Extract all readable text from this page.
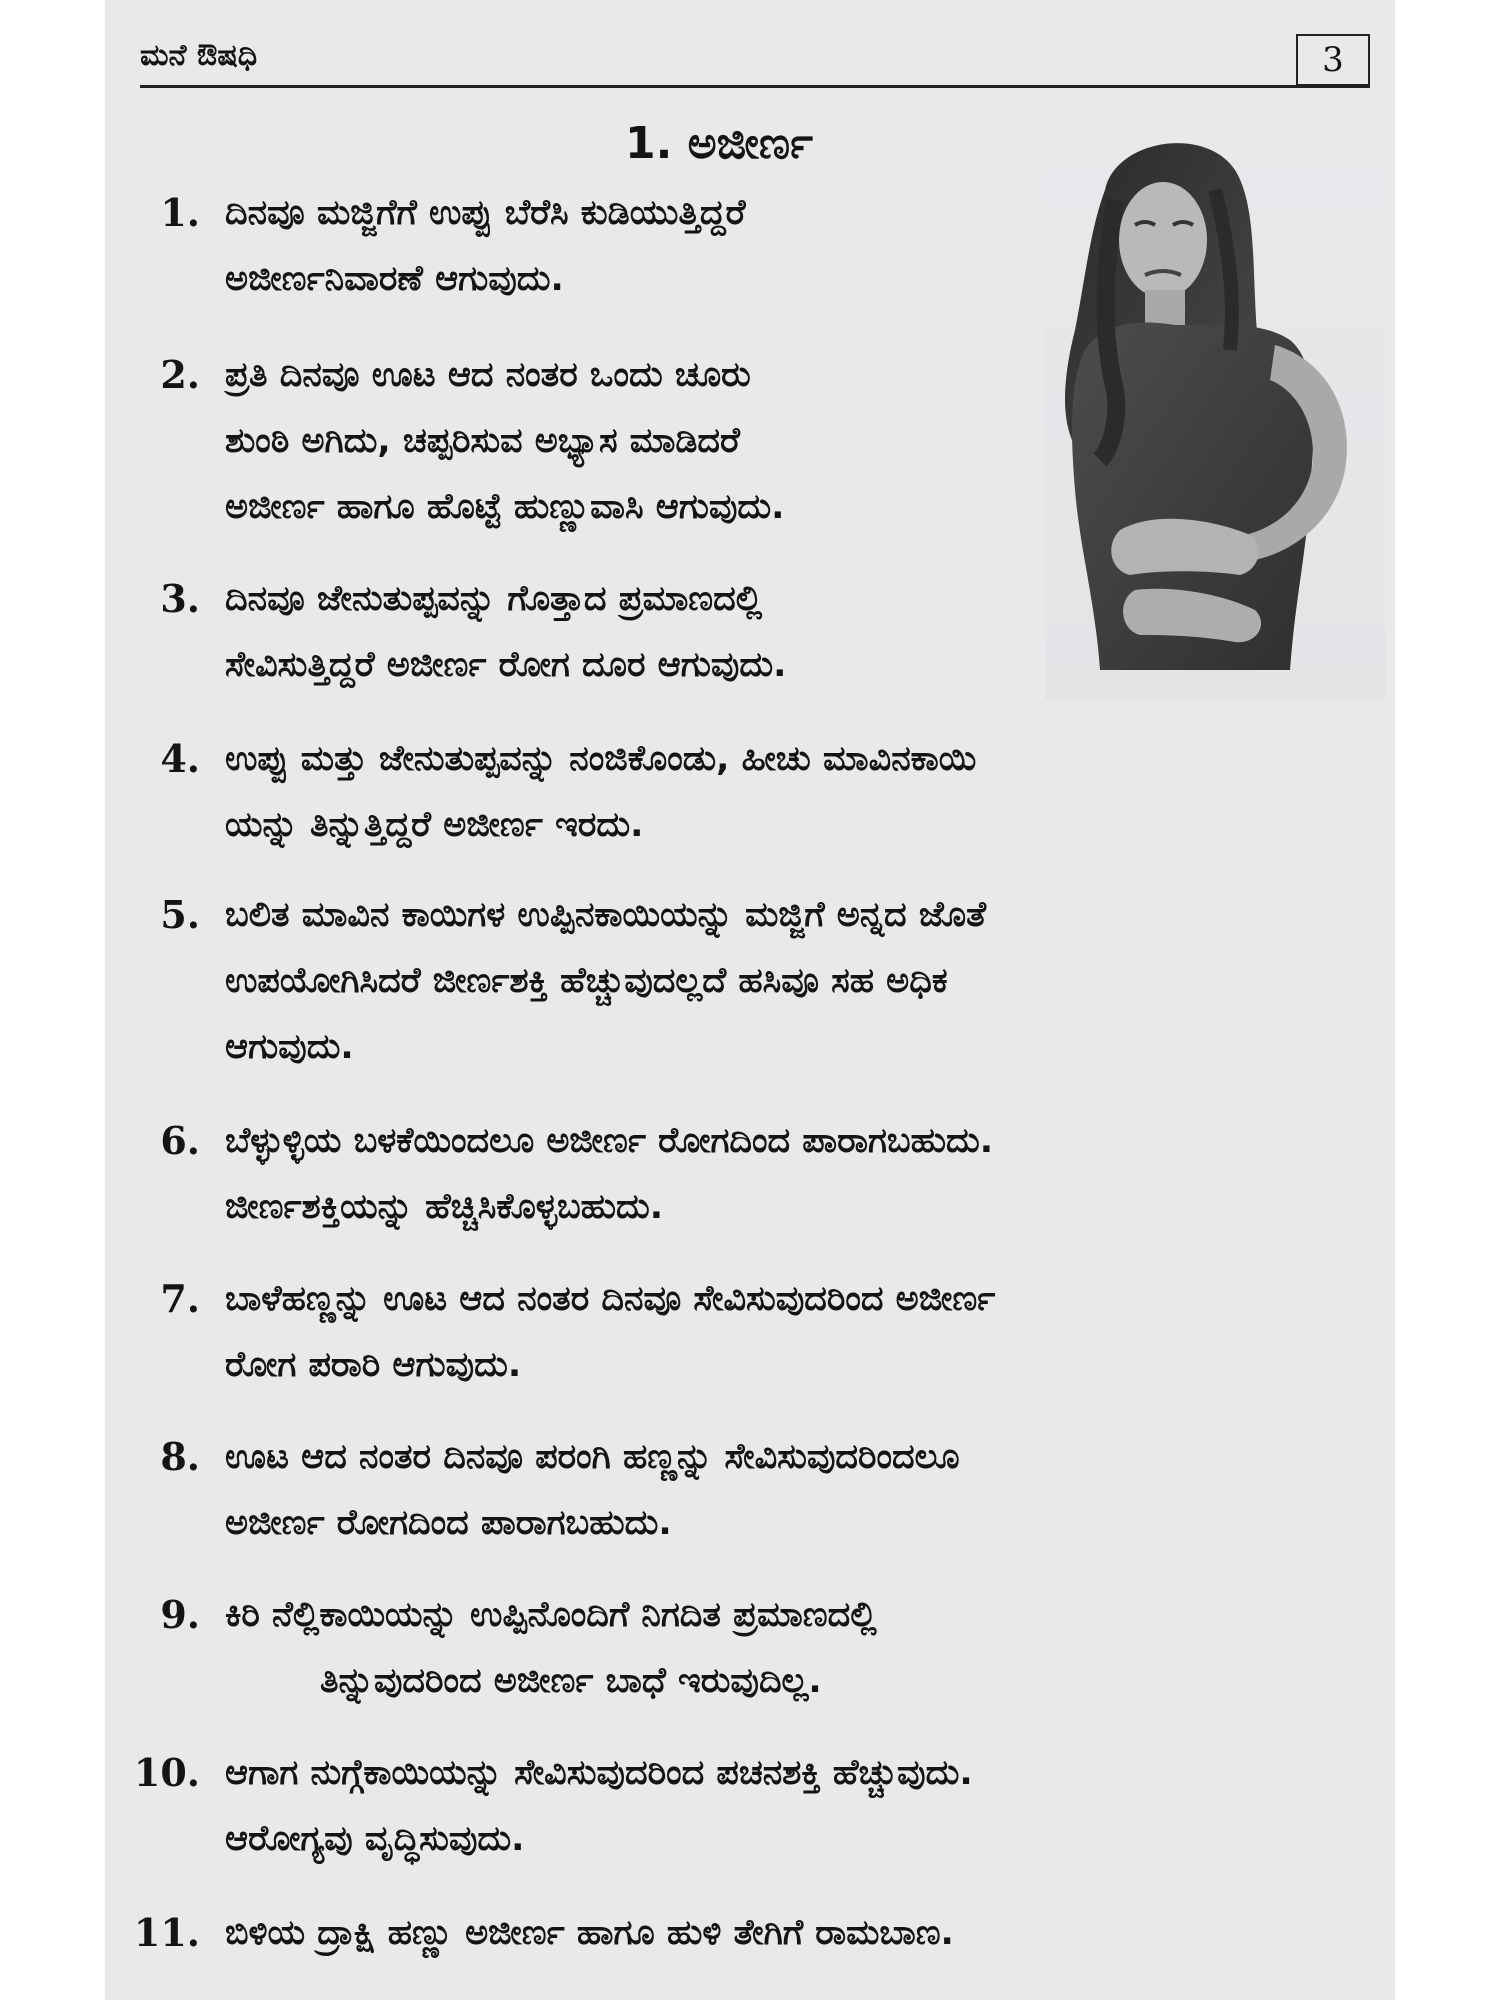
ಮನೆ ಔಷಧಿ	3
1. ಅಜೀರ್ಣ
1. ದಿನವೂ ಮಜ್ಜಿಗೆಗೆ ಉಪ್ಪು ಬೆರೆಸಿ ಕುಡಿಯುತ್ತಿದ್ದರೆ
ಅಜೀರ್ಣನಿವಾರಣೆ ಆಗುವುದು.
2. ಪ್ರತಿ ದಿನವೂ ಊಟ ಆದ ನಂತರ ಒಂದು ಚೂರು
ಶುಂಠಿ ಅಗಿದು, ಚಪ್ಪರಿಸುವ ಅಭ್ಯಾಸ ಮಾಡಿದರೆ
ಅಜೀರ್ಣ ಹಾಗೂ ಹೊಟ್ಟೆ ಹುಣ್ಣುವಾಸಿ ಆಗುವುದು.
3. ದಿನವೂ ಜೇನುತುಪ್ಪವನ್ನು ಗೊತ್ತಾದ ಪ್ರಮಾಣದಲ್ಲಿ
ಸೇವಿಸುತ್ತಿದ್ದರೆ ಅಜೀರ್ಣ ರೋಗ ದೂರ ಆಗುವುದು.
4. ಉಪ್ಪು ಮತ್ತು ಜೇನುತುಪ್ಪವನ್ನು ನಂಜಿಕೊಂಡು, ಹೀಚು ಮಾವಿನಕಾಯಿ
ಯನ್ನು ತಿನ್ನುತ್ತಿದ್ದರೆ ಅಜೀರ್ಣ ಇರದು.
5. ಬಲಿತ ಮಾವಿನ ಕಾಯಿಗಳ ಉಪ್ಪಿನಕಾಯಿಯನ್ನು ಮಜ್ಜಿಗೆ ಅನ್ನದ ಜೊತೆ
ಉಪಯೋಗಿಸಿದರೆ ಜೀರ್ಣಶಕ್ತಿ ಹೆಚ್ಚುವುದಲ್ಲದೆ ಹಸಿವೂ ಸಹ ಅಧಿಕ
ಆಗುವುದು.
6. ಬೆಳ್ಳುಳ್ಳಿಯ ಬಳಕೆಯಿಂದಲೂ ಅಜೀರ್ಣ ರೋಗದಿಂದ ಪಾರಾಗಬಹುದು.
ಜೀರ್ಣಶಕ್ತಿಯನ್ನು ಹೆಚ್ಚಿಸಿಕೊಳ್ಳಬಹುದು.
7. ಬಾಳೆಹಣ್ಣನ್ನು ಊಟ ಆದ ನಂತರ ದಿನವೂ ಸೇವಿಸುವುದರಿಂದ ಅಜೀರ್ಣ
ರೋಗ ಪರಾರಿ ಆಗುವುದು.
8. ಊಟ ಆದ ನಂತರ ದಿನವೂ ಪರಂಗಿ ಹಣ್ಣನ್ನು ಸೇವಿಸುವುದರಿಂದಲೂ
ಅಜೀರ್ಣ ರೋಗದಿಂದ ಪಾರಾಗಬಹುದು.
9. ಕಿರಿ ನೆಲ್ಲಿಕಾಯಿಯನ್ನು ಉಪ್ಪಿನೊಂದಿಗೆ ನಿಗದಿತ ಪ್ರಮಾಣದಲ್ಲಿ
ತಿನ್ನುವುದರಿಂದ ಅಜೀರ್ಣ ಬಾಧೆ ಇರುವುದಿಲ್ಲ.
10. ಆಗಾಗ ನುಗ್ಗೆಕಾಯಿಯನ್ನು ಸೇವಿಸುವುದರಿಂದ ಪಚನಶಕ್ತಿ ಹೆಚ್ಚುವುದು.
ಆರೋಗ್ಯವು ವೃದ್ಧಿಸುವುದು.
11. ಬಿಳಿಯ ದ್ರಾಕ್ಷಿ ಹಣ್ಣು ಅಜೀರ್ಣ ಹಾಗೂ ಹುಳಿ ತೇಗಿಗೆ ರಾಮಬಾಣ.
